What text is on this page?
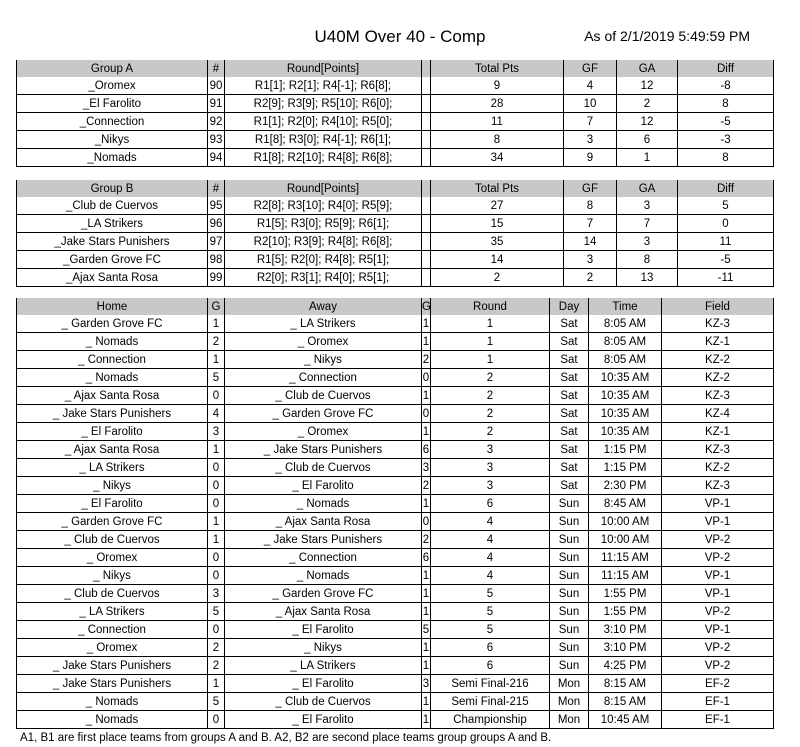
U40M Over 40 - Comp	As of 2/1/2019 5:49:59 PM
Group A	#	Round[Points]		Total Pts	GF	GA	Diff
_Oromex	90	R1[1]; R2[1]; R4[-1]; R6[8];		9	4	12	-8
_El Farolito	91	R2[9]; R3[9]; R5[10]; R6[0];		28	10	2	8
_Connection	92	R1[1]; R2[0]; R4[10]; R5[0];		11	7	12	-5
_Nikys	93	R1[8]; R3[0]; R4[-1]; R6[1];		8	3	6	-3
_Nomads	94	R1[8]; R2[10]; R4[8]; R6[8];		34	9	1	8
Group B	#	Round[Points]		Total Pts	GF	GA	Diff
_Club de Cuervos	95	R2[8]; R3[10]; R4[0]; R5[9];		27	8	3	5
_LA Strikers	96	R1[5]; R3[0]; R5[9]; R6[1];		15	7	7	0
_Jake Stars Punishers	97	R2[10]; R3[9]; R4[8]; R6[8];		35	14	3	11
_Garden Grove FC	98	R1[5]; R2[0]; R4[8]; R5[1];		14	3	8	-5
_Ajax Santa Rosa	99	R2[0]; R3[1]; R4[0]; R5[1];		2	2	13	-11
Home	G	Away	G	Round	Day	Time	Field
_ Garden Grove FC	1	_ LA Strikers	1	1	Sat	8:05 AM	KZ-3
_ Nomads	2	_ Oromex	1	1	Sat	8:05 AM	KZ-1
_ Connection	1	_ Nikys	2	1	Sat	8:05 AM	KZ-2
_ Nomads	5	_ Connection	0	2	Sat	10:35 AM	KZ-2
_ Ajax Santa Rosa	0	_ Club de Cuervos	1	2	Sat	10:35 AM	KZ-3
_ Jake Stars Punishers	4	_ Garden Grove FC	0	2	Sat	10:35 AM	KZ-4
_ El Farolito	3	_ Oromex	1	2	Sat	10:35 AM	KZ-1
_ Ajax Santa Rosa	1	_ Jake Stars Punishers	6	3	Sat	1:15 PM	KZ-3
_ LA Strikers	0	_ Club de Cuervos	3	3	Sat	1:15 PM	KZ-2
_ Nikys	0	_ El Farolito	2	3	Sat	2:30 PM	KZ-3
_ El Farolito	0	_ Nomads	1	6	Sun	8:45 AM	VP-1
_ Garden Grove FC	1	_ Ajax Santa Rosa	0	4	Sun	10:00 AM	VP-1
_ Club de Cuervos	1	_ Jake Stars Punishers	2	4	Sun	10:00 AM	VP-2
_ Oromex	0	_ Connection	6	4	Sun	11:15 AM	VP-2
_ Nikys	0	_ Nomads	1	4	Sun	11:15 AM	VP-1
_ Club de Cuervos	3	_ Garden Grove FC	1	5	Sun	1:55 PM	VP-1
_ LA Strikers	5	_ Ajax Santa Rosa	1	5	Sun	1:55 PM	VP-2
_ Connection	0	_ El Farolito	5	5	Sun	3:10 PM	VP-1
_ Oromex	2	_ Nikys	1	6	Sun	3:10 PM	VP-2
_ Jake Stars Punishers	2	_ LA Strikers	1	6	Sun	4:25 PM	VP-2
_ Jake Stars Punishers	1	_ El Farolito	3	Semi Final-216	Mon	8:15 AM	EF-2
_ Nomads	5	_ Club de Cuervos	1	Semi Final-215	Mon	8:15 AM	EF-1
_ Nomads	0	_ El Farolito	1	Championship	Mon	10:45 AM	EF-1
A1, B1 are first place teams from groups A and B. A2, B2 are second place teams group groups A and B.
